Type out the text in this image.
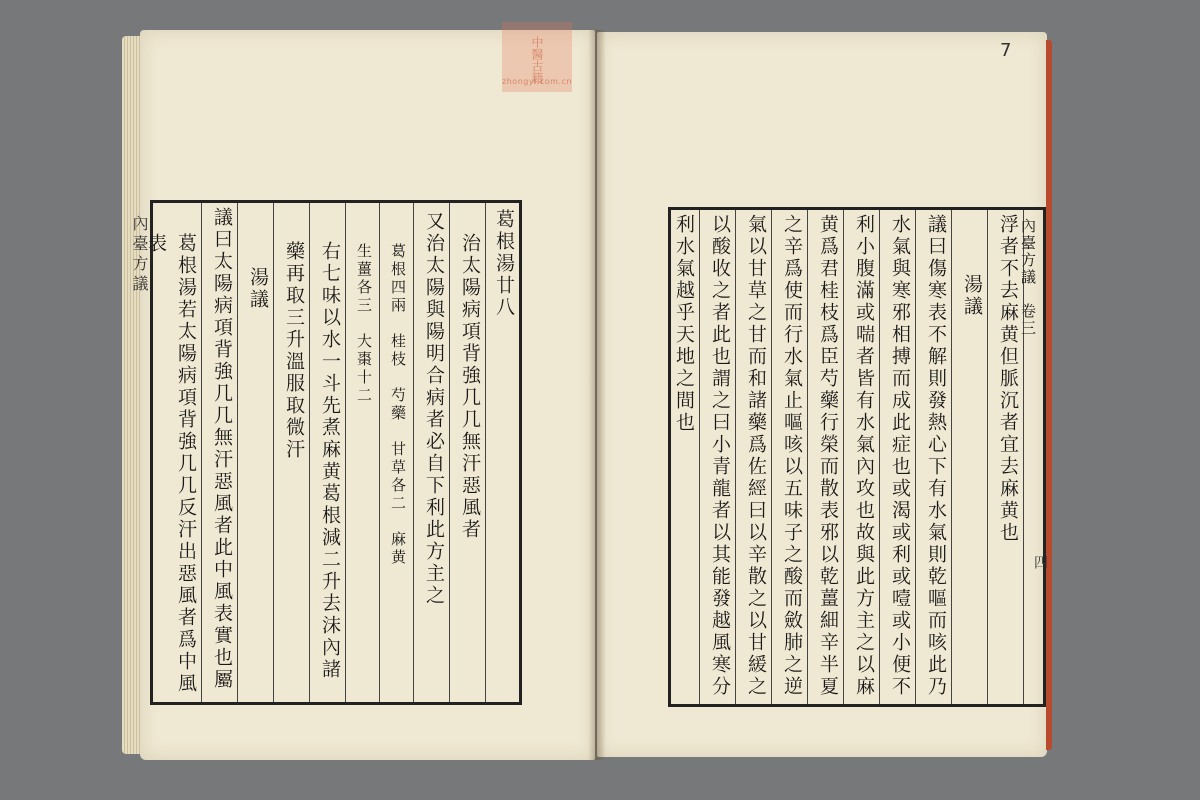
中醫古籍
zhongyi.com.cn
7
內臺方議	葛根湯廿八
治太陽病項背強几几無汗惡風者
又治太陽與陽明合病者必自下利此方主之
葛根四兩　桂枝　芍藥　甘草各二　麻黄
生薑各三　大棗十二
右七味以水一斗先煮麻黄葛根減二升去沫內諸
藥再取三升溫服取微汗
湯議
議曰太陽病項背強几几無汗惡風者此中風表實也屬
葛根湯若太陽病項背強几几反汗出惡風者爲中風表	內臺方議　卷三
浮者不去麻黄但脈沉者宜去麻黄也
湯議
議曰傷寒表不解則發熱心下有水氣則乾嘔而咳此乃
水氣與寒邪相搏而成此症也或渴或利或噎或小便不
利小腹滿或喘者皆有水氣內攻也故與此方主之以麻
黄爲君桂枝爲臣芍藥行榮而散表邪以乾薑細辛半夏
之辛爲使而行水氣止嘔咳以五味子之酸而斂肺之逆
氣以甘草之甘而和諸藥爲佐經曰以辛散之以甘緩之
以酸收之者此也謂之曰小青龍者以其能發越風寒分
利水氣越乎天地之間也
四
